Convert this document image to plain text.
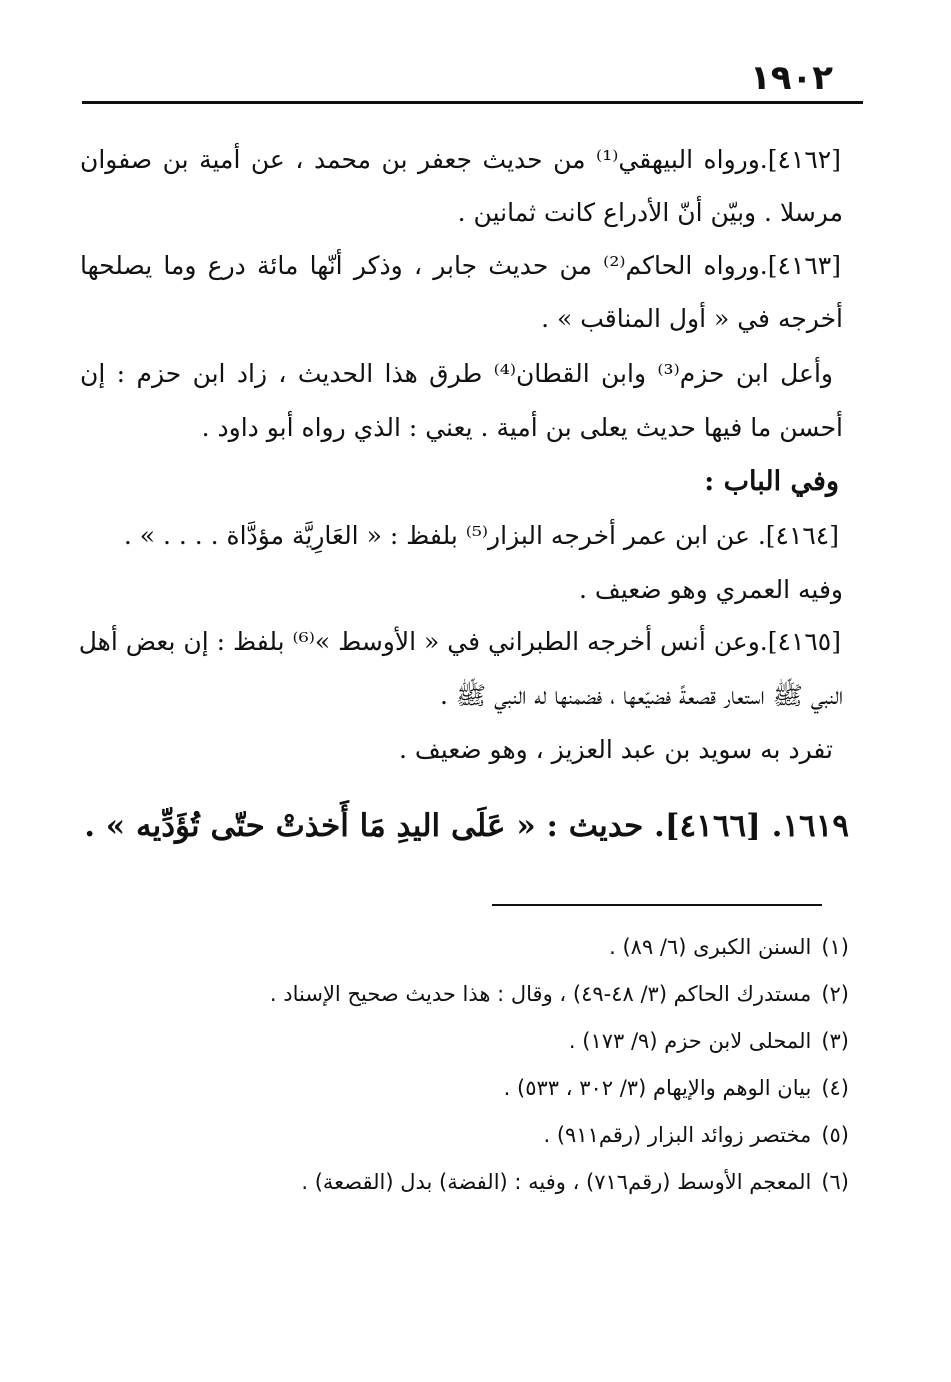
١٩٠٢
[٤١٦٢].ورواه البيهقي⁽¹⁾ من حديث جعفر بن محمد ، عن أمية بن صفوان
مرسلا . وبيّن أنّ الأدراع كانت ثمانين .
[٤١٦٣].ورواه الحاكم⁽²⁾ من حديث جابر ، وذكر أنّها مائة درع وما يصلحها
أخرجه في « أول المناقب » .
وأعل ابن حزم⁽³⁾ وابن القطان⁽⁴⁾ طرق هذا الحديث ، زاد ابن حزم : إن
أحسن ما فيها حديث يعلى بن أمية . يعني : الذي رواه أبو داود .
وفي الباب :
[٤١٦٤]. عن ابن عمر أخرجه البزار⁽⁵⁾ بلفظ : « العَارِيَّة مؤدَّاة . . . . » .
وفيه العمري وهو ضعيف .
[٤١٦٥].وعن أنس أخرجه الطبراني في « الأوسط »⁽⁶⁾ بلفظ : إن بعض أهل
النبي ﷺ استعار قصعةً فضيّعها ، فضمنها له النبي ﷺ .
تفرد به سويد بن عبد العزيز ، وهو ضعيف .
١٦١٩. [٤١٦٦]. حديث : « عَلَى اليدِ مَا أَخذتْ حتّى تُؤَدِّيه » .
(١)السنن الكبرى (٦/ ٨٩) .
(٢)مستدرك الحاكم (٣/ ٤٨-٤٩) ، وقال : هذا حديث صحيح الإسناد .
(٣)المحلى لابن حزم (٩/ ١٧٣) .
(٤)بيان الوهم والإيهام (٣/ ٣٠٢ ، ٥٣٣) .
(٥)مختصر زوائد البزار (رقم٩١١) .
(٦)المعجم الأوسط (رقم٧١٦) ، وفيه : (الفضة) بدل (القصعة) .
